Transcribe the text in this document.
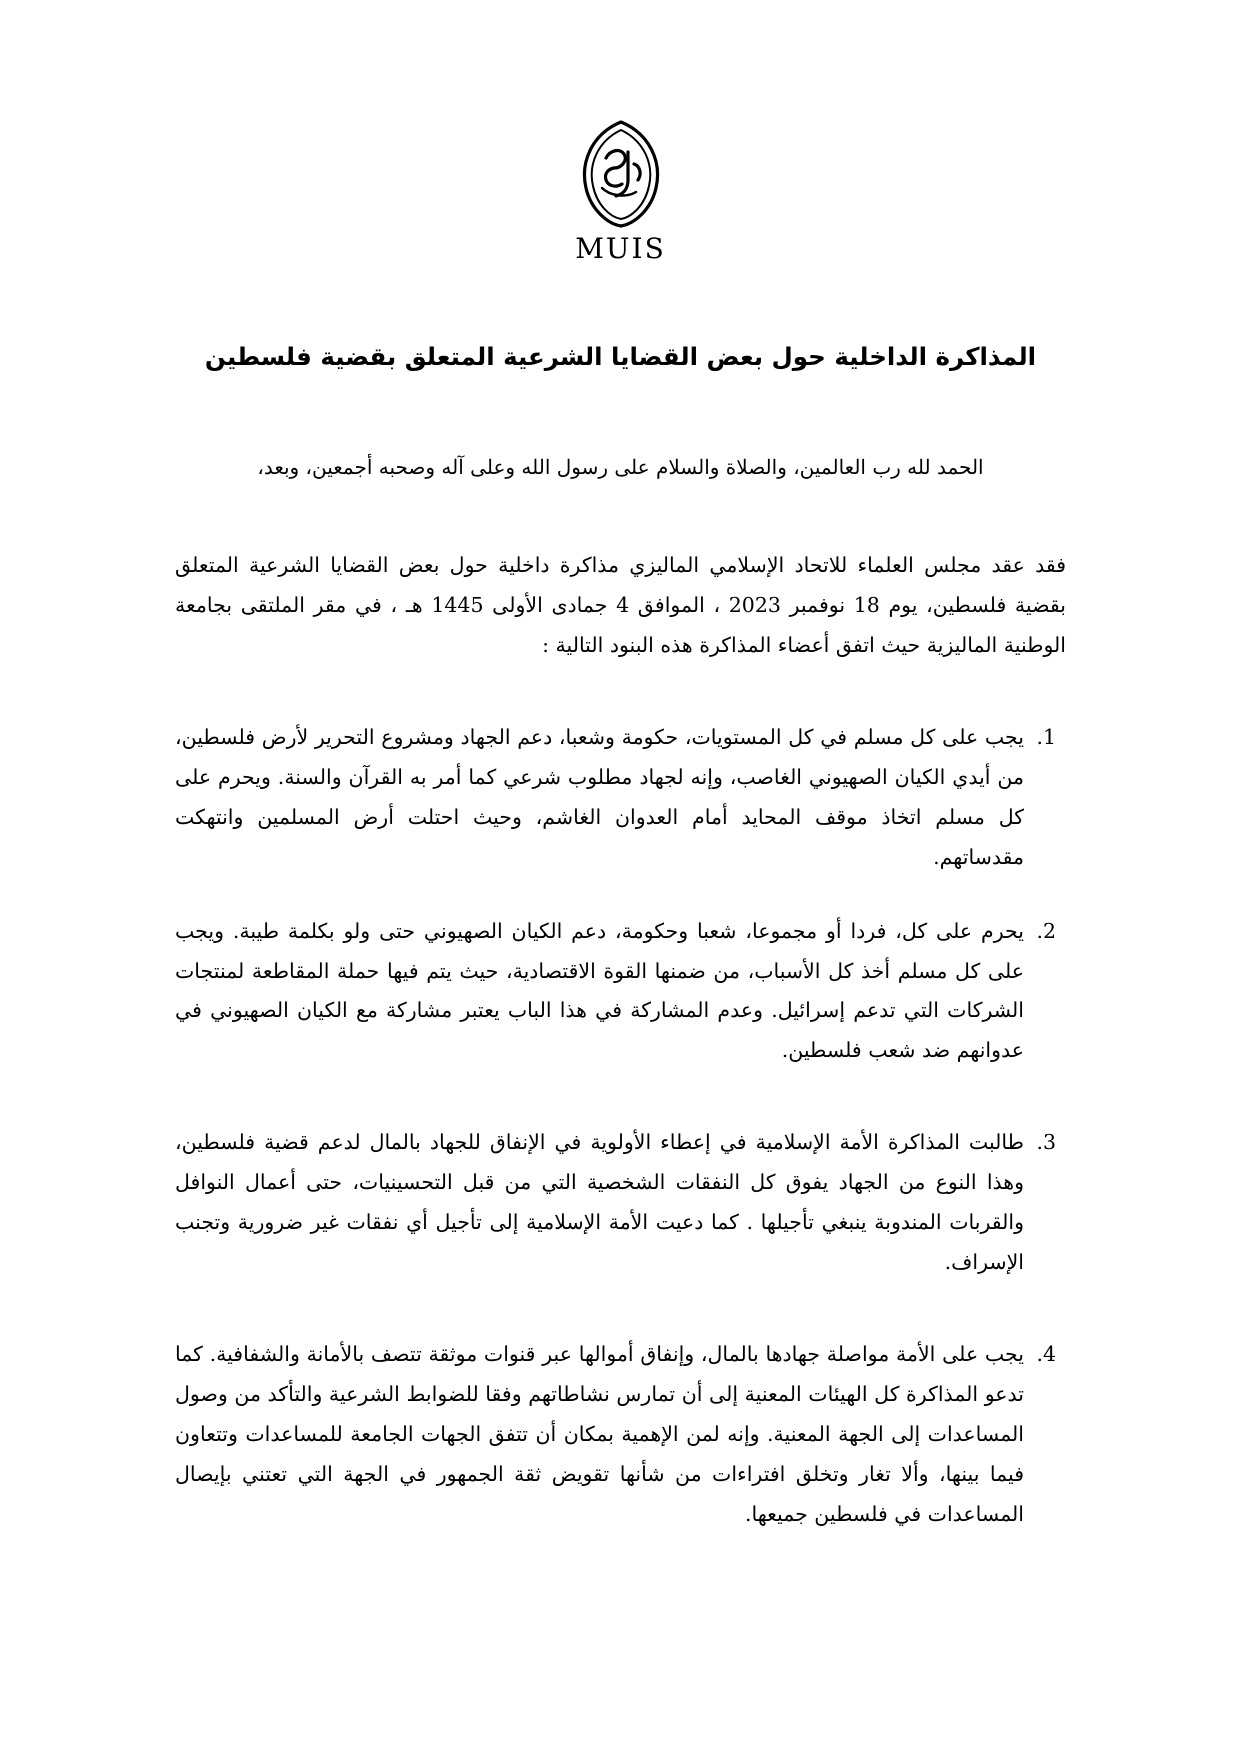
MUIS
المذاكرة الداخلية حول بعض القضايا الشرعية المتعلق بقضية فلسطين

الحمد لله رب العالمين، والصلاة والسلام على رسول الله وعلى آله وصحبه أجمعين، وبعد،

فقد عقد مجلس العلماء للاتحاد الإسلامي الماليزي مذاكرة داخلية حول بعض القضايا الشرعية المتعلق بقضية فلسطين، يوم 18 نوفمبر 2023 ، الموافق 4 جمادى الأولى 1445 هـ ، في مقر الملتقى بجامعة الوطنية الماليزية حيث اتفق أعضاء المذاكرة هذه البنود التالية :

1. يجب على كل مسلم في كل المستويات، حكومة وشعبا، دعم الجهاد ومشروع التحرير لأرض فلسطين، من أيدي الكيان الصهيوني الغاصب، وإنه لجهاد مطلوب شرعي كما أمر به القرآن والسنة. ويحرم على كل مسلم اتخاذ موقف المحايد أمام العدوان الغاشم، وحيث احتلت أرض المسلمين وانتهكت مقدساتهم.
2. يحرم على كل، فردا أو مجموعا، شعبا وحكومة، دعم الكيان الصهيوني حتى ولو بكلمة طيبة. ويجب على كل مسلم أخذ كل الأسباب، من ضمنها القوة الاقتصادية، حيث يتم فيها حملة المقاطعة لمنتجات الشركات التي تدعم إسرائيل. وعدم المشاركة في هذا الباب يعتبر مشاركة مع الكيان الصهيوني في عدوانهم ضد شعب فلسطين.
3. طالبت المذاكرة الأمة الإسلامية في إعطاء الأولوية في الإنفاق للجهاد بالمال لدعم قضية فلسطين، وهذا النوع من الجهاد يفوق كل النفقات الشخصية التي من قبل التحسينيات، حتى أعمال النوافل والقربات المندوبة ينبغي تأجيلها . كما دعيت الأمة الإسلامية إلى تأجيل أي نفقات غير ضرورية وتجنب الإسراف.
4. يجب على الأمة مواصلة جهادها بالمال، وإنفاق أموالها عبر قنوات موثقة تتصف بالأمانة والشفافية. كما تدعو المذاكرة كل الهيئات المعنية إلى أن تمارس نشاطاتهم وفقا للضوابط الشرعية والتأكد من وصول المساعدات إلى الجهة المعنية. وإنه لمن الإهمية بمكان أن تتفق الجهات الجامعة للمساعدات وتتعاون فيما بينها، وألا تغار وتخلق افتراءات من شأنها تقويض ثقة الجمهور في الجهة التي تعتني بإيصال المساعدات في فلسطين جميعها.
